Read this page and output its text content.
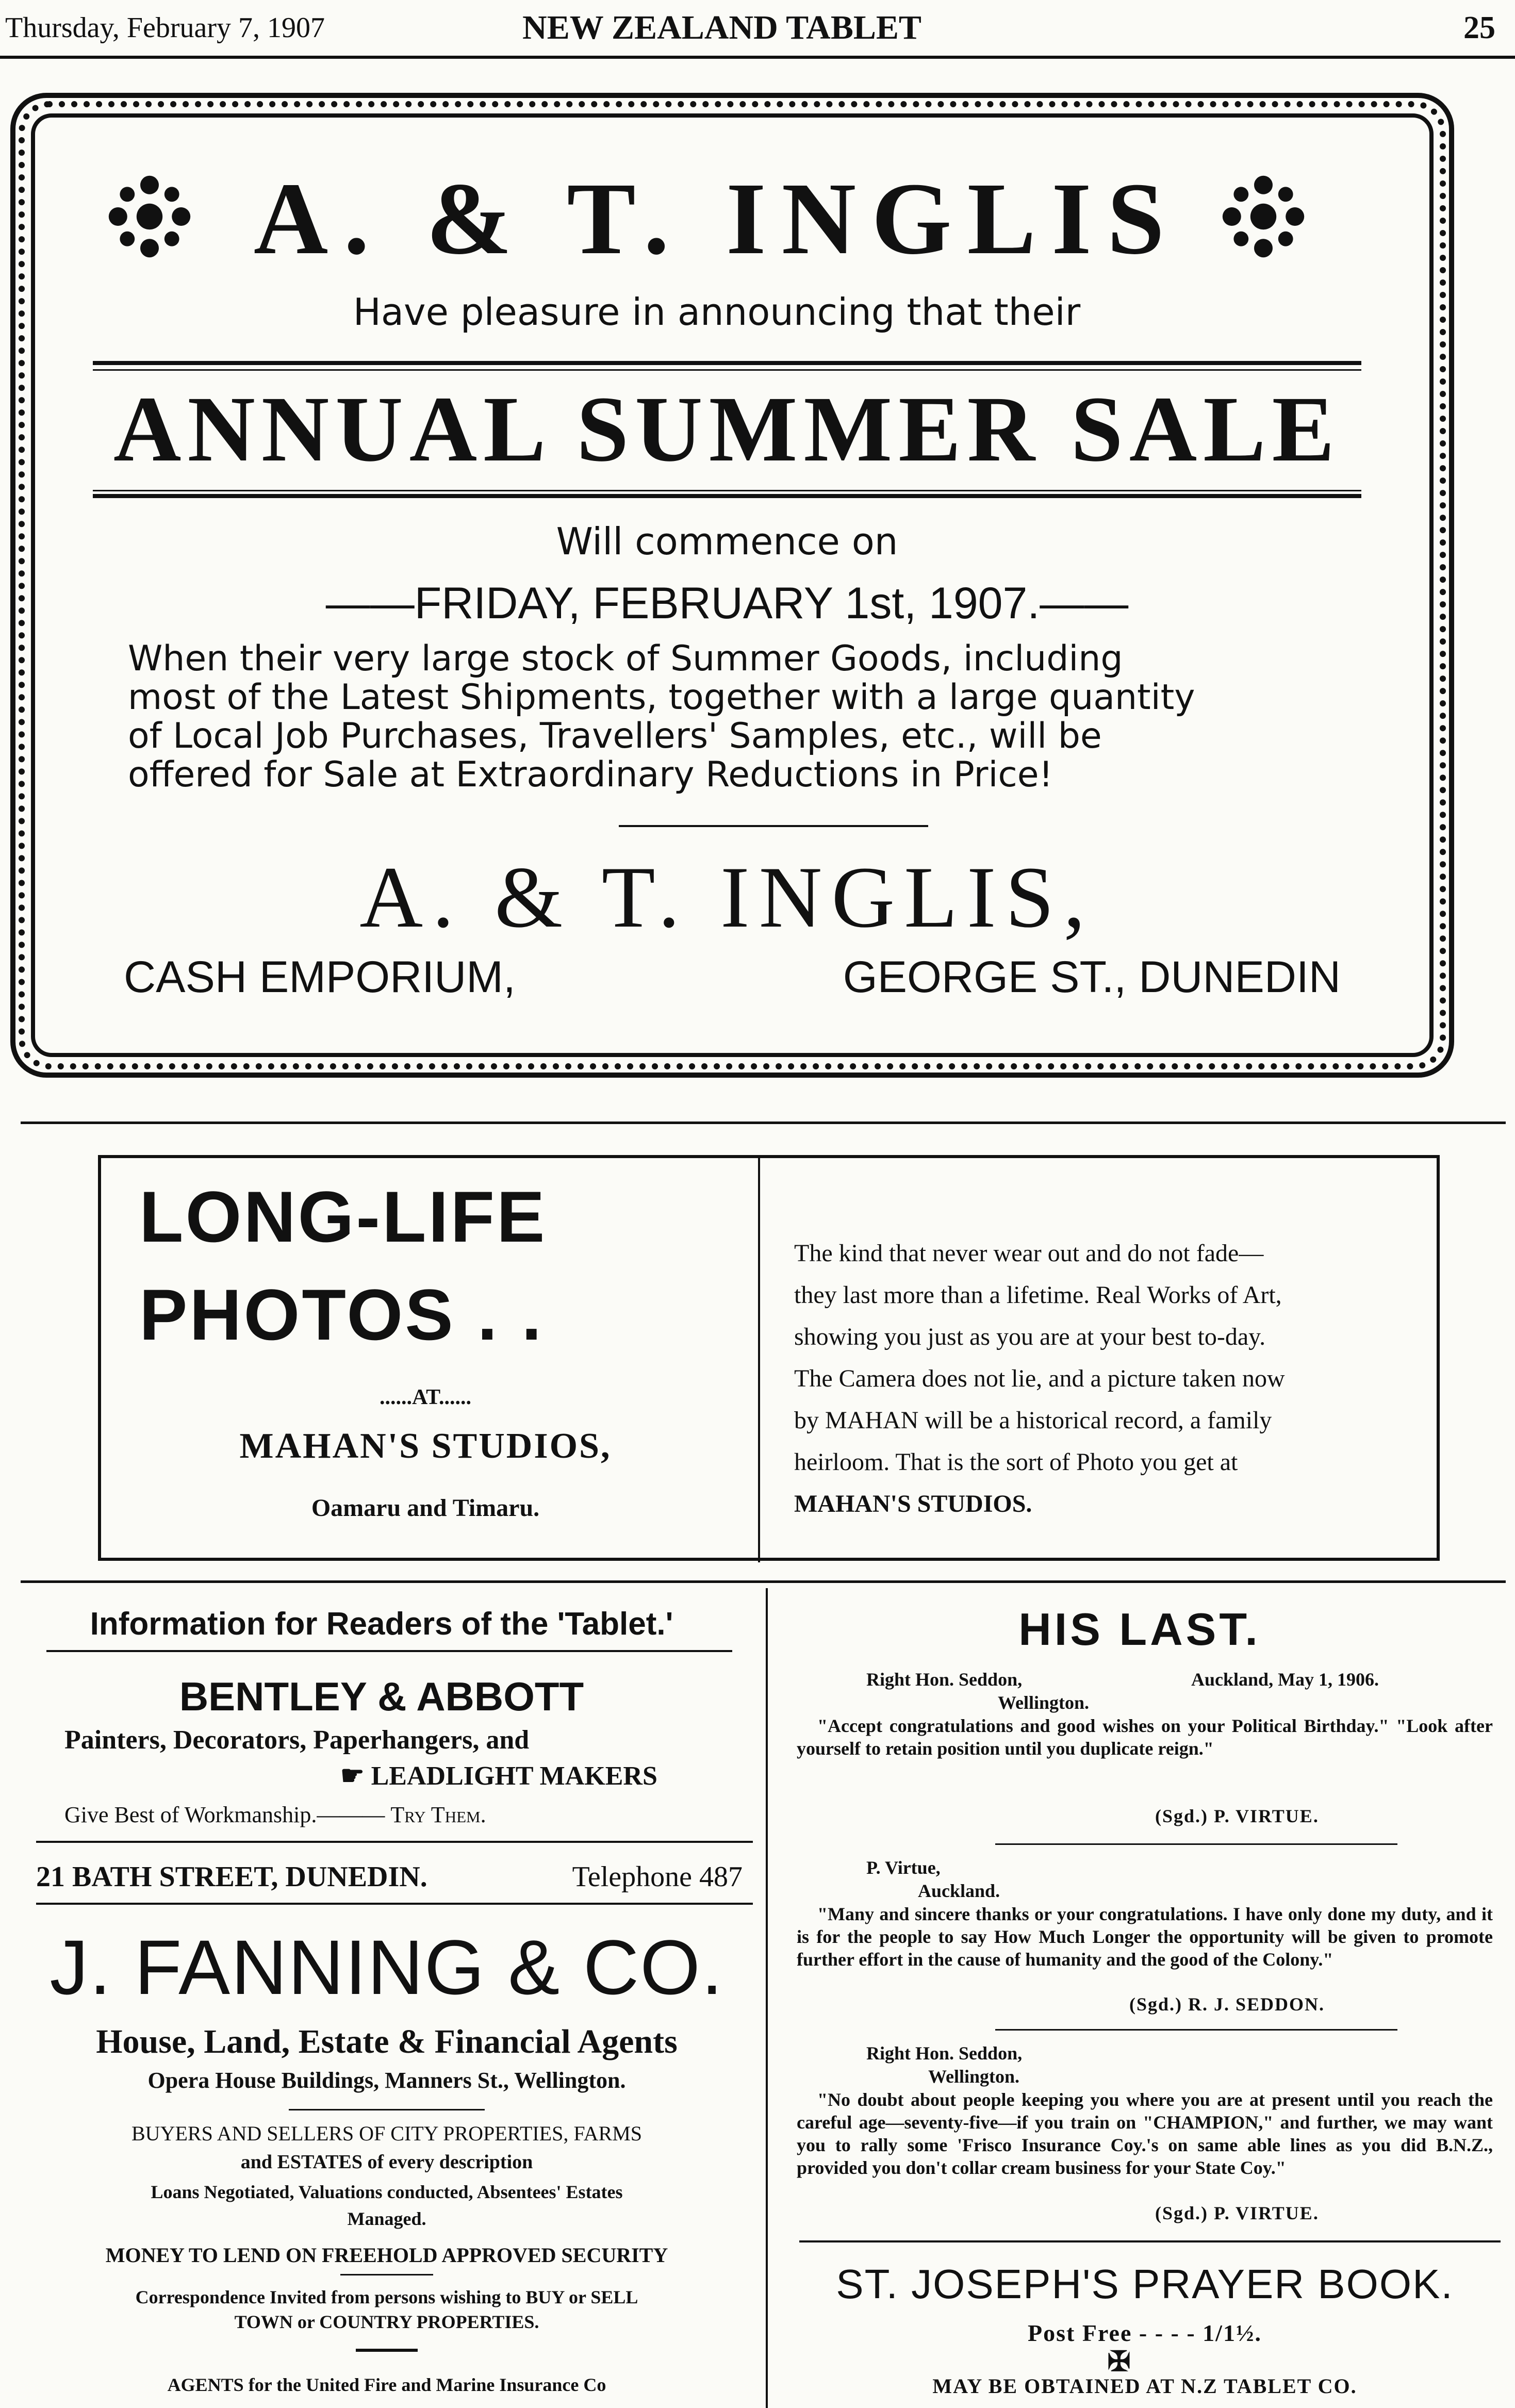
Thursday, February 7, 1907	NEW ZEALAND TABLET	25
A. & T. INGLIS
Have pleasure in announcing that their
ANNUAL SUMMER SALE
Will commence on
——FRIDAY, FEBRUARY 1st, 1907.——
When their very large stock of Summer Goods, including
most of the Latest Shipments, together with a large quantity
of Local Job Purchases, Travellers' Samples, etc., will be
offered for Sale at Extraordinary Reductions in Price!
A. & T. INGLIS,
CASH EMPORIUM,	GEORGE ST., DUNEDIN
LONG-LIFE
PHOTOS . .
......AT......
MAHAN'S STUDIOS,
Oamaru and Timaru.
The kind that never wear out and do not fade—
they last more than a lifetime. Real Works of Art,
showing you just as you are at your best to-day.
The Camera does not lie, and a picture taken now
by MAHAN will be a historical record, a family
heirloom. That is the sort of Photo you get at
MAHAN'S STUDIOS.
Information for Readers of the 'Tablet.'
BENTLEY & ABBOTT
Painters, Decorators, Paperhangers, and
☛ LEADLIGHT MAKERS
Give Best of Workmanship.——— Try Them.
21 BATH STREET, DUNEDIN.	Telephone 487
J. FANNING & CO.
House, Land, Estate & Financial Agents
Opera House Buildings, Manners St., Wellington.
BUYERS AND SELLERS OF CITY PROPERTIES, FARMS
and ESTATES of every description
Loans Negotiated, Valuations conducted, Absentees' Estates
Managed.
MONEY TO LEND ON FREEHOLD APPROVED SECURITY
Correspondence Invited from persons wishing to BUY or SELL
TOWN or COUNTRY PROPERTIES.
AGENTS for the United Fire and Marine Insurance Co
HIS LAST.
Right Hon. Seddon,	Auckland, May 1, 1906.
Wellington.
"Accept congratulations and good wishes on your Political Birthday." "Look after yourself to retain position until you duplicate reign."
(Sgd.) P. VIRTUE.
P. Virtue,
Auckland.
"Many and sincere thanks or your congratulations. I have only done my duty, and it is for the people to say How Much Longer the opportunity will be given to promote further effort in the cause of humanity and the good of the Colony."
(Sgd.) R. J. SEDDON.
Right Hon. Seddon,
Wellington.
"No doubt about people keeping you where you are at present until you reach the careful age—seventy-five—if you train on "CHAMPION," and further, we may want you to rally some 'Frisco Insurance Coy.'s on same able lines as you did B.N.Z., provided you don't collar cream business for your State Coy."
(Sgd.) P. VIRTUE.
ST. JOSEPH'S PRAYER BOOK.
Post Free - - - - 1/1½.
✠
MAY BE OBTAINED AT N.Z TABLET CO.
